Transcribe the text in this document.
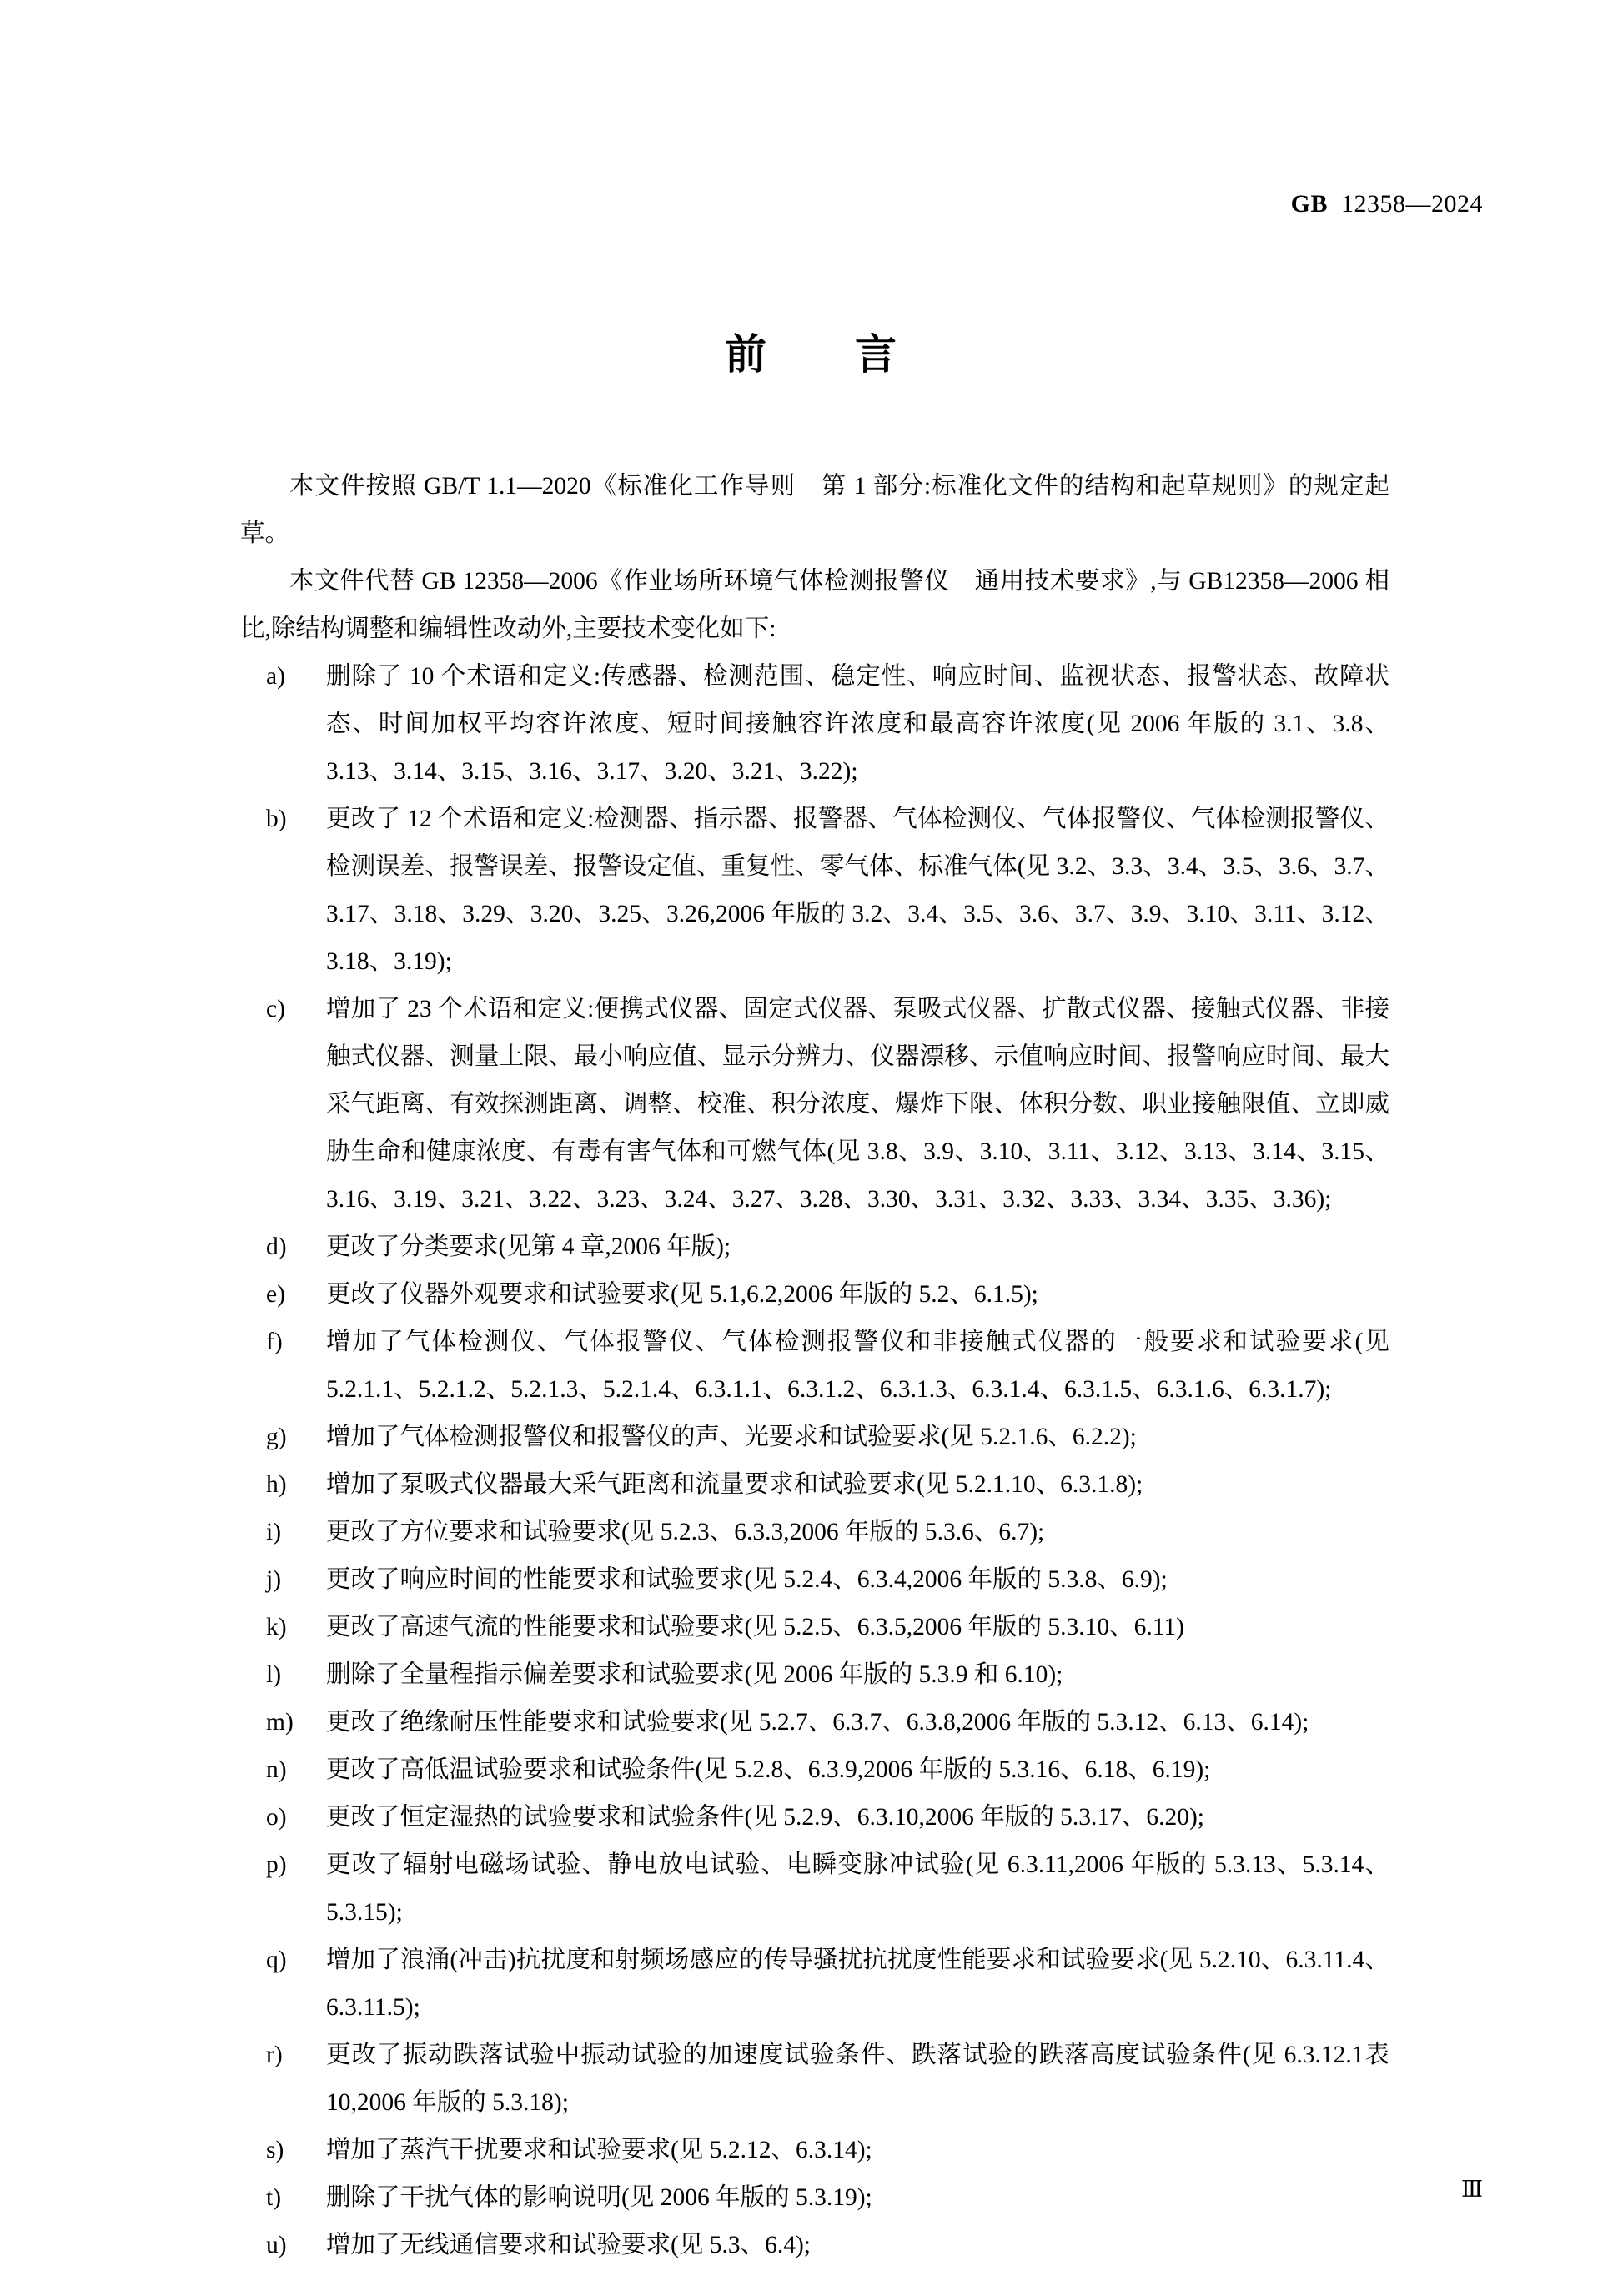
GB 12358—2024
前　　言

本文件按照 GB/T 1.1—2020《标准化工作导则　第 1 部分:标准化文件的结构和起草规则》的规定起草。

本文件代替 GB 12358—2006《作业场所环境气体检测报警仪　通用技术要求》,与 GB12358—2006 相比,除结构调整和编辑性改动外,主要技术变化如下:

a)	删除了 10 个术语和定义:传感器、检测范围、稳定性、响应时间、监视状态、报警状态、故障状态、时间加权平均容许浓度、短时间接触容许浓度和最高容许浓度(见 2006 年版的 3.1、3.8、3.13、3.14、3.15、3.16、3.17、3.20、3.21、3.22);
b)	更改了 12 个术语和定义:检测器、指示器、报警器、气体检测仪、气体报警仪、气体检测报警仪、检测误差、报警误差、报警设定值、重复性、零气体、标准气体(见 3.2、3.3、3.4、3.5、3.6、3.7、3.17、3.18、3.29、3.20、3.25、3.26,2006 年版的 3.2、3.4、3.5、3.6、3.7、3.9、3.10、3.11、3.12、3.18、3.19);
c)	增加了 23 个术语和定义:便携式仪器、固定式仪器、泵吸式仪器、扩散式仪器、接触式仪器、非接触式仪器、测量上限、最小响应值、显示分辨力、仪器漂移、示值响应时间、报警响应时间、最大采气距离、有效探测距离、调整、校准、积分浓度、爆炸下限、体积分数、职业接触限值、立即威胁生命和健康浓度、有毒有害气体和可燃气体(见 3.8、3.9、3.10、3.11、3.12、3.13、3.14、3.15、3.16、3.19、3.21、3.22、3.23、3.24、3.27、3.28、3.30、3.31、3.32、3.33、3.34、3.35、3.36);
d)	更改了分类要求(见第 4 章,2006 年版);
e)	更改了仪器外观要求和试验要求(见 5.1,6.2,2006 年版的 5.2、6.1.5);
f)	增加了气体检测仪、气体报警仪、气体检测报警仪和非接触式仪器的一般要求和试验要求(见 5.2.1.1、5.2.1.2、5.2.1.3、5.2.1.4、6.3.1.1、6.3.1.2、6.3.1.3、6.3.1.4、6.3.1.5、6.3.1.6、6.3.1.7);
g)	增加了气体检测报警仪和报警仪的声、光要求和试验要求(见 5.2.1.6、6.2.2);
h)	增加了泵吸式仪器最大采气距离和流量要求和试验要求(见 5.2.1.10、6.3.1.8);
i)	更改了方位要求和试验要求(见 5.2.3、6.3.3,2006 年版的 5.3.6、6.7);
j)	更改了响应时间的性能要求和试验要求(见 5.2.4、6.3.4,2006 年版的 5.3.8、6.9);
k)	更改了高速气流的性能要求和试验要求(见 5.2.5、6.3.5,2006 年版的 5.3.10、6.11)
l)	删除了全量程指示偏差要求和试验要求(见 2006 年版的 5.3.9 和 6.10);
m)	更改了绝缘耐压性能要求和试验要求(见 5.2.7、6.3.7、6.3.8,2006 年版的 5.3.12、6.13、6.14);
n)	更改了高低温试验要求和试验条件(见 5.2.8、6.3.9,2006 年版的 5.3.16、6.18、6.19);
o)	更改了恒定湿热的试验要求和试验条件(见 5.2.9、6.3.10,2006 年版的 5.3.17、6.20);
p)	更改了辐射电磁场试验、静电放电试验、电瞬变脉冲试验(见 6.3.11,2006 年版的 5.3.13、5.3.14、5.3.15);
q)	增加了浪涌(冲击)抗扰度和射频场感应的传导骚扰抗扰度性能要求和试验要求(见 5.2.10、6.3.11.4、6.3.11.5);
r)	更改了振动跌落试验中振动试验的加速度试验条件、跌落试验的跌落高度试验条件(见 6.3.12.1表 10,2006 年版的 5.3.18);
s)	增加了蒸汽干扰要求和试验要求(见 5.2.12、6.3.14);
t)	删除了干扰气体的影响说明(见 2006 年版的 5.3.19);
u)	增加了无线通信要求和试验要求(见 5.3、6.4);
Ⅲ
